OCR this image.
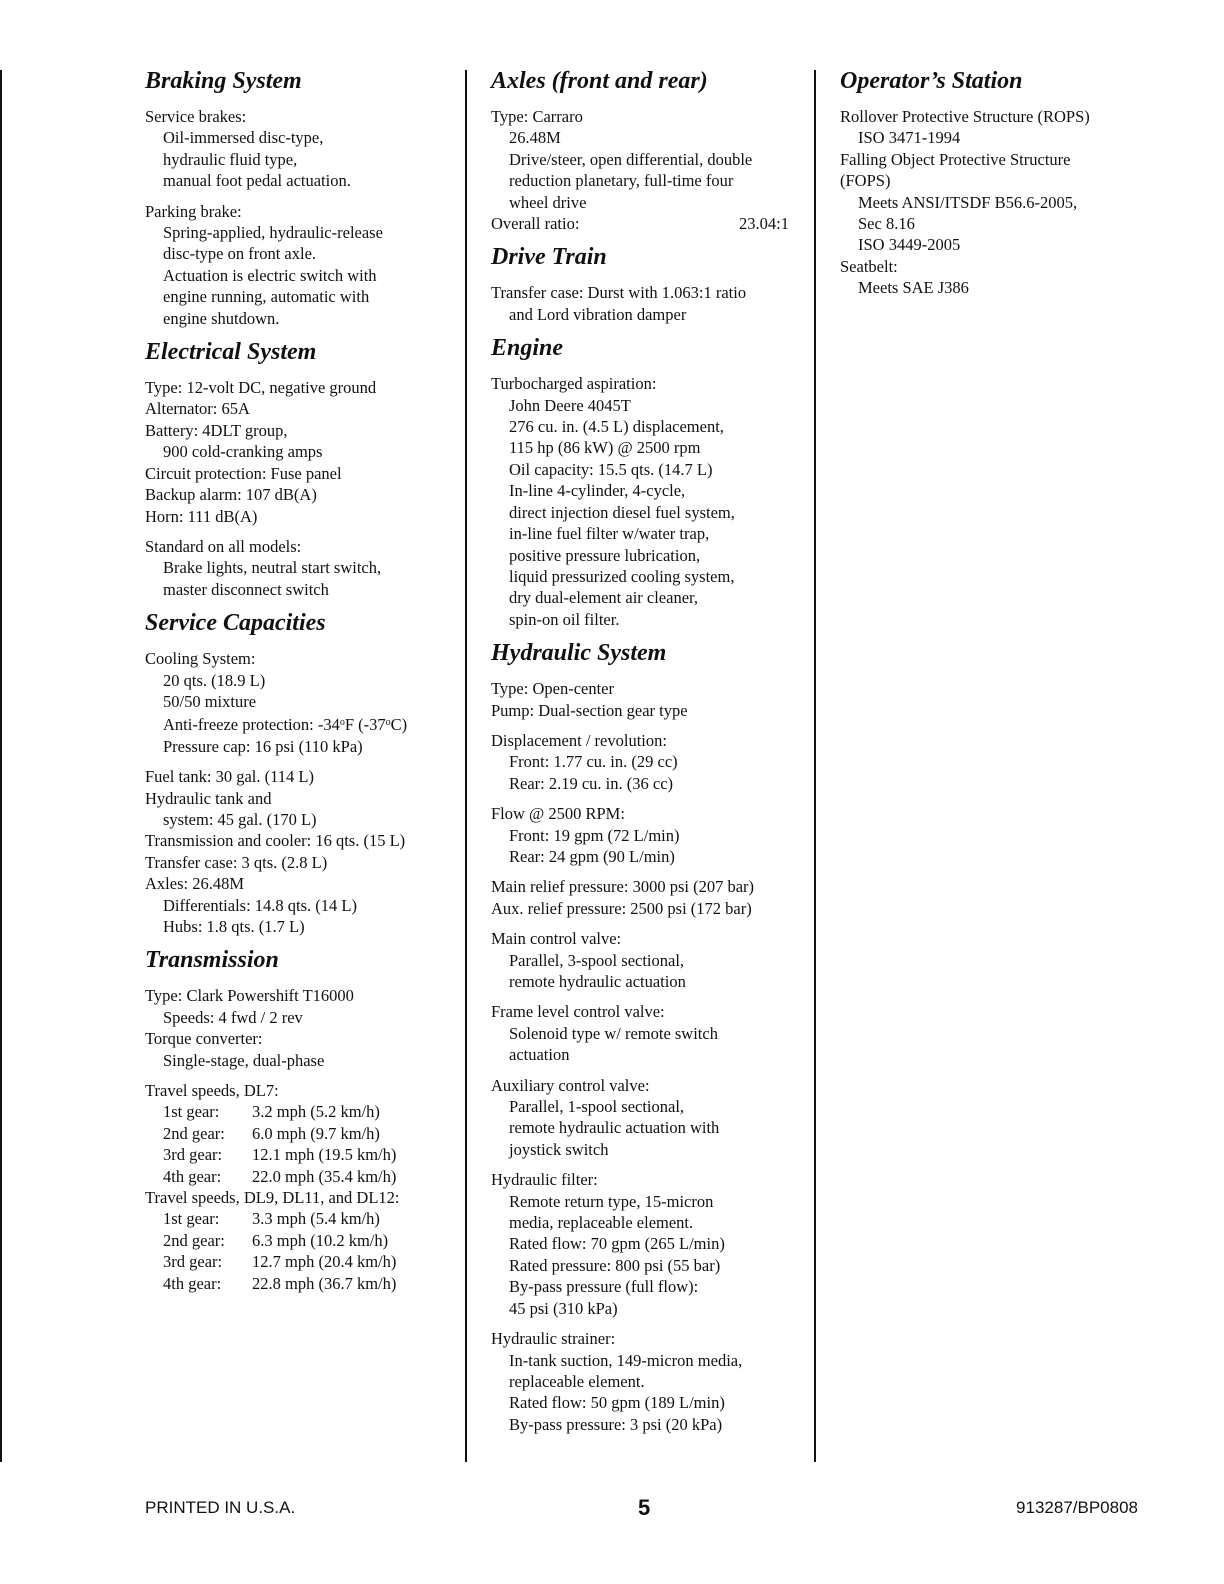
Braking System
Service brakes:
Oil-immersed disc-type,
hydraulic fluid type,
manual foot pedal actuation.
Parking brake:
Spring-applied, hydraulic-release
disc-type on front axle.
Actuation is electric switch with
engine running, automatic with
engine shutdown.
Electrical System
Type: 12-volt DC, negative ground
Alternator: 65A
Battery: 4DLT group,
900 cold-cranking amps
Circuit protection: Fuse panel
Backup alarm: 107 dB(A)
Horn: 111 dB(A)
Standard on all models:
Brake lights, neutral start switch,
master disconnect switch
Service Capacities
Cooling System:
20 qts. (18.9 L)
50/50 mixture
Anti-freeze protection: -34$^o$F (-37$^o$C)
Pressure cap: 16 psi (110 kPa)
Fuel tank: 30 gal. (114 L)
Hydraulic tank and
system: 45 gal. (170 L)
Transmission and cooler: 16 qts. (15 L)
Transfer case: 3 qts. (2.8 L)
Axles: 26.48M
Differentials: 14.8 qts. (14 L)
Hubs: 1.8 qts. (1.7 L)
Transmission
Type: Clark Powershift T16000
Speeds: 4 fwd / 2 rev
Torque converter:
Single-stage, dual-phase
Travel speeds, DL7:
1st gear:	3.2 mph (5.2 km/h)
2nd gear:	6.0 mph (9.7 km/h)
3rd gear:	12.1 mph (19.5 km/h)
4th gear:	22.0 mph (35.4 km/h)
Travel speeds, DL9, DL11, and DL12:
1st gear:	3.3 mph (5.4 km/h)
2nd gear:	6.3 mph (10.2 km/h)
3rd gear:	12.7 mph (20.4 km/h)
4th gear:	22.8 mph (36.7 km/h)
Axles (front and rear)
Type: Carraro
26.48M
Drive/steer, open differential, double
reduction planetary, full-time four
wheel drive
Overall ratio:	23.04:1
Drive Train
Transfer case: Durst with 1.063:1 ratio
and Lord vibration damper
Engine
Turbocharged aspiration:
John Deere 4045T
276 cu. in. (4.5 L) displacement,
115 hp (86 kW) @ 2500 rpm
Oil capacity: 15.5 qts. (14.7 L)
In-line 4-cylinder, 4-cycle,
direct injection diesel fuel system,
in-line fuel filter w/water trap,
positive pressure lubrication,
liquid pressurized cooling system,
dry dual-element air cleaner,
spin-on oil filter.
Hydraulic System
Type: Open-center
Pump: Dual-section gear type
Displacement / revolution:
Front: 1.77 cu. in. (29 cc)
Rear: 2.19 cu. in. (36 cc)
Flow @ 2500 RPM:
Front: 19 gpm (72 L/min)
Rear: 24 gpm (90 L/min)
Main relief pressure: 3000 psi (207 bar)
Aux. relief pressure: 2500 psi (172 bar)
Main control valve:
Parallel, 3-spool sectional,
remote hydraulic actuation
Frame level control valve:
Solenoid type w/ remote switch
actuation
Auxiliary control valve:
Parallel, 1-spool sectional,
remote hydraulic actuation with
joystick switch
Hydraulic filter:
Remote return type, 15-micron
media, replaceable element.
Rated flow: 70 gpm (265 L/min)
Rated pressure: 800 psi (55 bar)
By-pass pressure (full flow):
45 psi (310 kPa)
Hydraulic strainer:
In-tank suction, 149-micron media,
replaceable element.
Rated flow: 50 gpm (189 L/min)
By-pass pressure: 3 psi (20 kPa)
Operator’s Station
Rollover Protective Structure (ROPS)
ISO 3471-1994
Falling Object Protective Structure
(FOPS)
Meets ANSI/ITSDF B56.6-2005,
Sec 8.16
ISO 3449-2005
Seatbelt:
Meets SAE J386
PRINTED IN U.S.A.	5	913287/BP0808
